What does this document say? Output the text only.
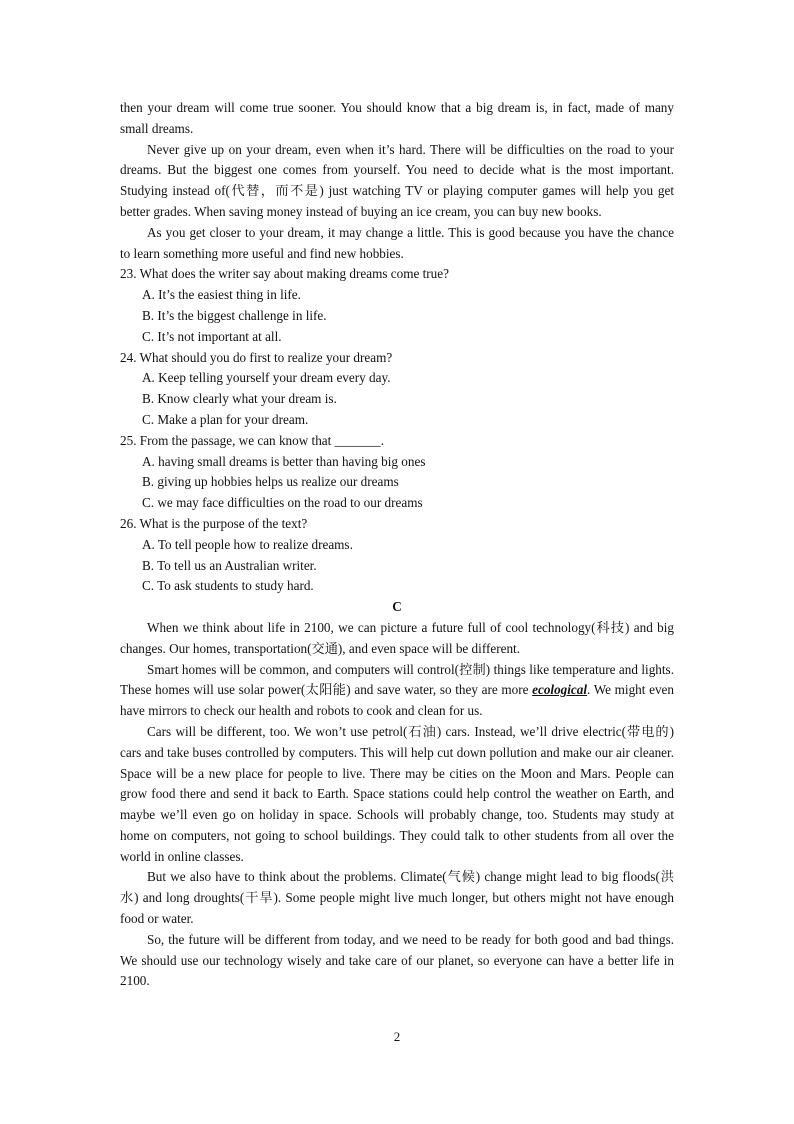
then your dream will come true sooner. You should know that a big dream is, in fact, made of many small dreams.

Never give up on your dream, even when it’s hard. There will be difficulties on the road to your dreams. But the biggest one comes from yourself. You need to decide what is the most important. Studying instead of(代替，而不是) just watching TV or playing computer games will help you get better grades. When saving money instead of buying an ice cream, you can buy new books.

As you get closer to your dream, it may change a little. This is good because you have the chance to learn something more useful and find new hobbies.

23. What does the writer say about making dreams come true?

A. It’s the easiest thing in life.

B. It’s the biggest challenge in life.

C. It’s not important at all.

24. What should you do first to realize your dream?

A. Keep telling yourself your dream every day.

B. Know clearly what your dream is.

C. Make a plan for your dream.

25. From the passage, we can know that _______.

A. having small dreams is better than having big ones

B. giving up hobbies helps us realize our dreams

C. we may face difficulties on the road to our dreams

26. What is the purpose of the text?

A. To tell people how to realize dreams.

B. To tell us an Australian writer.

C. To ask students to study hard.

C

When we think about life in 2100, we can picture a future full of cool technology(科技) and big changes. Our homes, transportation(交通), and even space will be different.

Smart homes will be common, and computers will control(控制) things like temperature and lights. These homes will use solar power(太阳能) and save water, so they are more ecological. We might even have mirrors to check our health and robots to cook and clean for us.

Cars will be different, too. We won’t use petrol(石油) cars. Instead, we’ll drive electric(带电的) cars and take buses controlled by computers. This will help cut down pollution and make our air cleaner. Space will be a new place for people to live. There may be cities on the Moon and Mars. People can grow food there and send it back to Earth. Space stations could help control the weather on Earth, and maybe we’ll even go on holiday in space. Schools will probably change, too. Students may study at home on computers, not going to school buildings. They could talk to other students from all over the world in online classes.

But we also have to think about the problems. Climate(气候) change might lead to big floods(洪水) and long droughts(干旱). Some people might live much longer, but others might not have enough food or water.

So, the future will be different from today, and we need to be ready for both good and bad things. We should use our technology wisely and take care of our planet, so everyone can have a better life in 2100.

2
